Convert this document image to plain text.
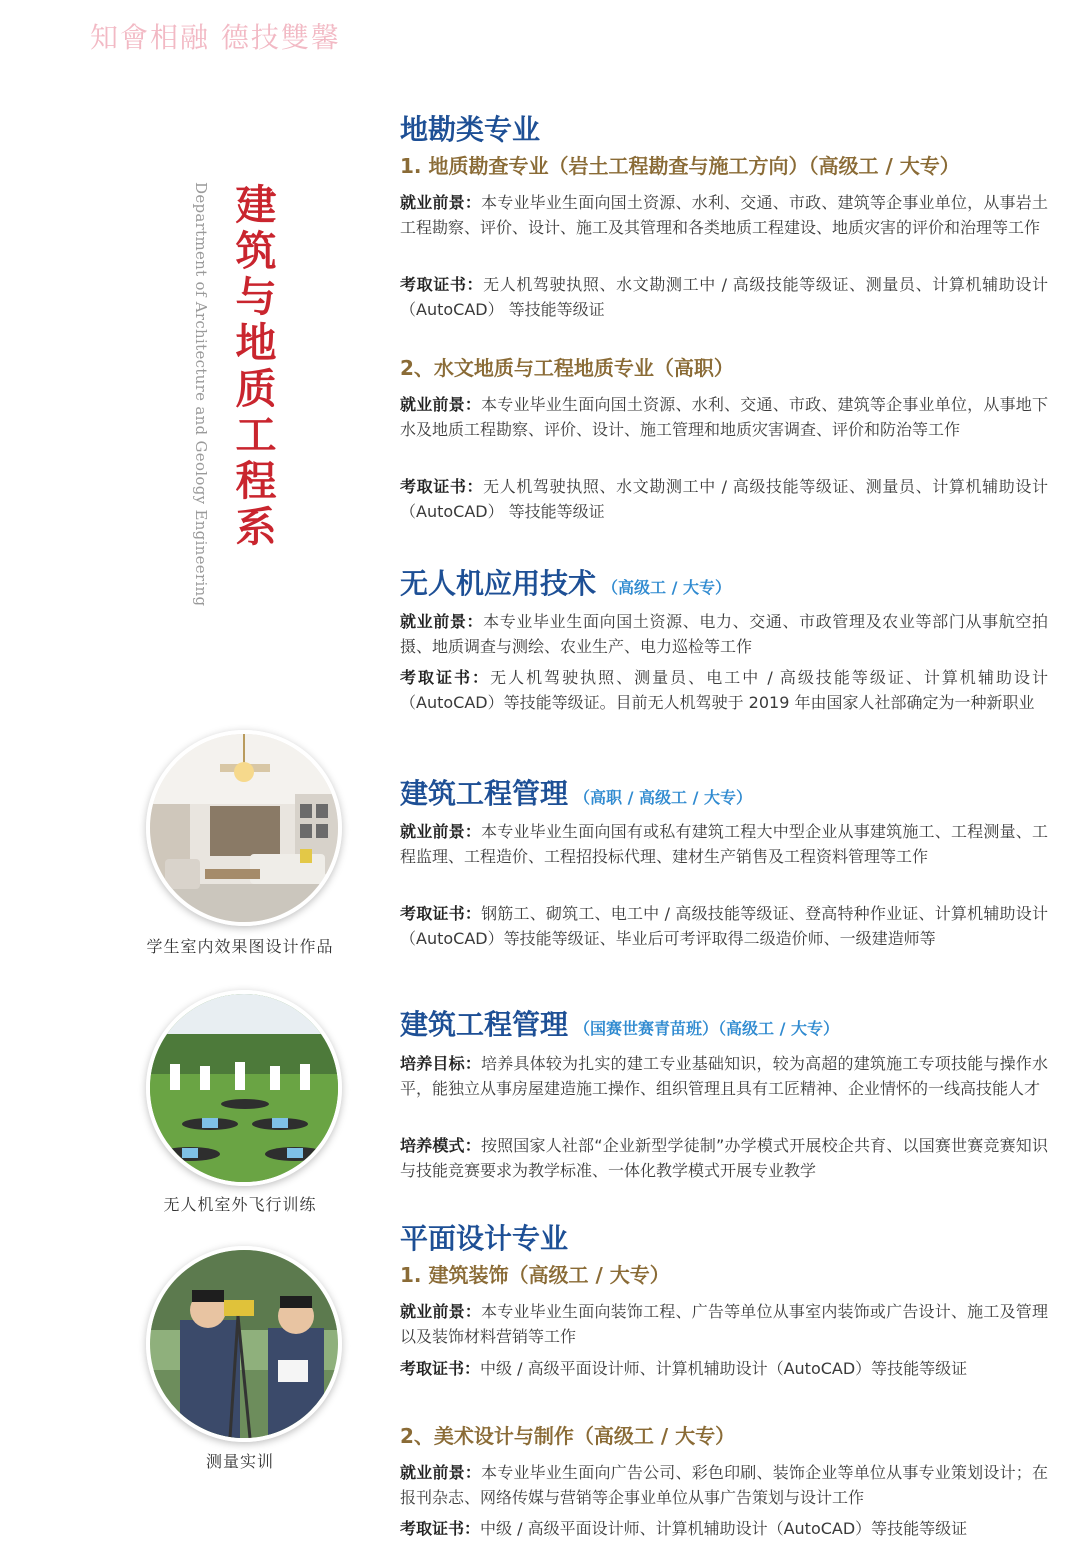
知會相融 德技雙馨
建筑与地质工程系
Department of Architecture and Geology Engineering
学生室内效果图设计作品
无人机室外飞行训练
测量实训
地勘类专业
1. 地质勘查专业（岩土工程勘查与施工方向）（高级工 / 大专）
就业前景：本专业毕业生面向国土资源、水利、交通、市政、建筑等企事业单位，从事岩土工程勘察、评价、设计、施工及其管理和各类地质工程建设、地质灾害的评价和治理等工作
考取证书：无人机驾驶执照、水文勘测工中 / 高级技能等级证、测量员、计算机辅助设计（AutoCAD） 等技能等级证
2、水文地质与工程地质专业（高职）
就业前景：本专业毕业生面向国土资源、水利、交通、市政、建筑等企事业单位，从事地下水及地质工程勘察、评价、设计、施工管理和地质灾害调查、评价和防治等工作
考取证书：无人机驾驶执照、水文勘测工中 / 高级技能等级证、测量员、计算机辅助设计（AutoCAD） 等技能等级证
无人机应用技术 （高级工 / 大专）
就业前景：本专业毕业生面向国土资源、电力、交通、市政管理及农业等部门从事航空拍摄、地质调查与测绘、农业生产、电力巡检等工作
考取证书：无人机驾驶执照、测量员、电工中 / 高级技能等级证、计算机辅助设计（AutoCAD）等技能等级证。目前无人机驾驶于 2019 年由国家人社部确定为一种新职业
建筑工程管理 （高职 / 高级工 / 大专）
就业前景：本专业毕业生面向国有或私有建筑工程大中型企业从事建筑施工、工程测量、工程监理、工程造价、工程招投标代理、建材生产销售及工程资料管理等工作
考取证书：钢筋工、砌筑工、电工中 / 高级技能等级证、登高特种作业证、计算机辅助设计（AutoCAD）等技能等级证、毕业后可考评取得二级造价师、一级建造师等
建筑工程管理 （国赛世赛青苗班）（高级工 / 大专）
培养目标：培养具体较为扎实的建工专业基础知识，较为高超的建筑施工专项技能与操作水平，能独立从事房屋建造施工操作、组织管理且具有工匠精神、企业情怀的一线高技能人才
培养模式：按照国家人社部“企业新型学徒制”办学模式开展校企共育、以国赛世赛竞赛知识与技能竞赛要求为教学标准、一体化教学模式开展专业教学
平面设计专业
1. 建筑装饰（高级工 / 大专）
就业前景：本专业毕业生面向装饰工程、广告等单位从事室内装饰或广告设计、施工及管理以及装饰材料营销等工作
考取证书：中级 / 高级平面设计师、计算机辅助设计（AutoCAD）等技能等级证
2、美术设计与制作（高级工 / 大专）
就业前景：本专业毕业生面向广告公司、彩色印刷、装饰企业等单位从事专业策划设计；在报刊杂志、网络传媒与营销等企事业单位从事广告策划与设计工作
考取证书：中级 / 高级平面设计师、计算机辅助设计（AutoCAD）等技能等级证
